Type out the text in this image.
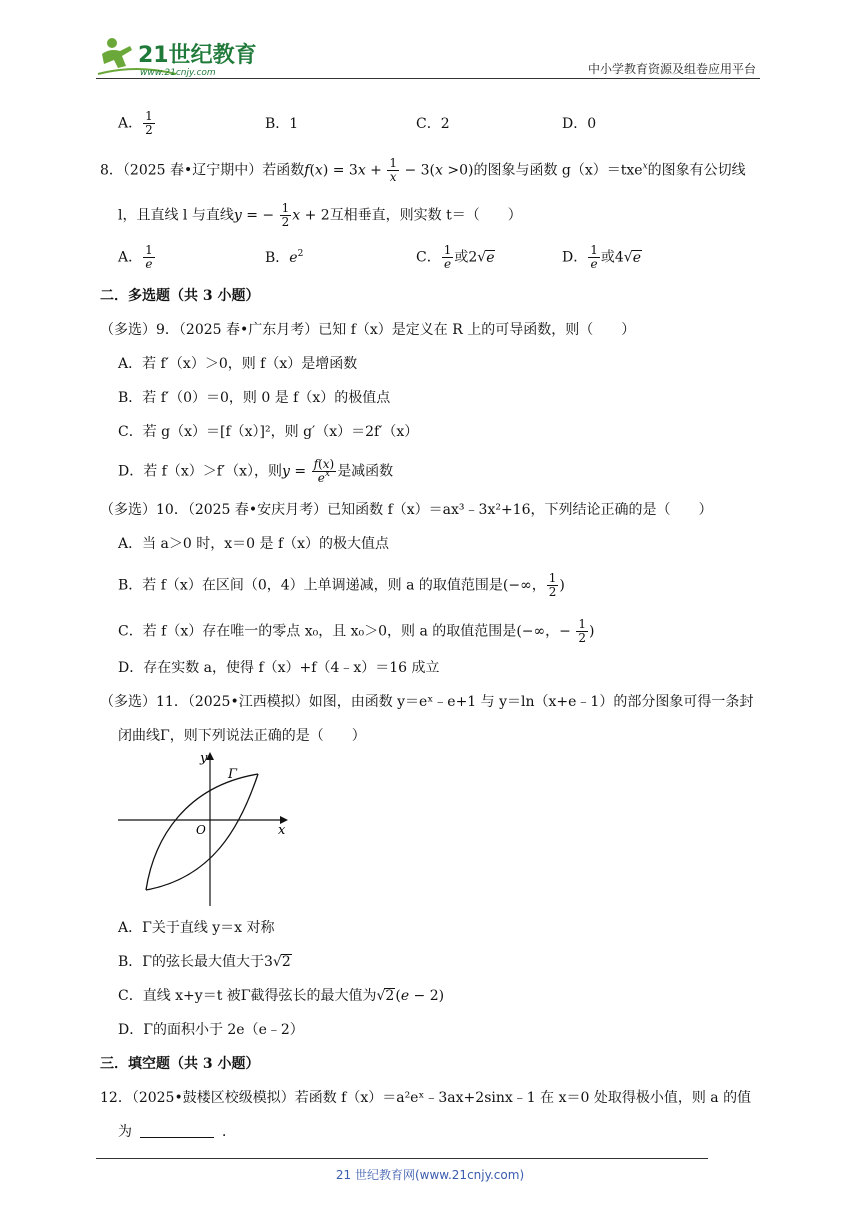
21世纪教育
www.21cnjy.com	中小学教育资源及组卷应用平台
A． $\frac{1}{2}$	B．1	C．2	D．0
8．（2025 春•辽宁期中）若函数$f(x) = 3x + \frac{1}{x} - 3(x >0)$的图象与函数 g（x）＝txe$^x$的图象有公切线
l，且直线 l 与直线y = − $\frac{1}{2}$ x + 2互相垂直，则实数 t＝（　　）
A． $\frac{1}{e}$	B．$e^2$	C． $\frac{1}{e}$ 或2√e	D． $\frac{1}{e}$ 或4√e
二．多选题（共 3 小题）
（多选）9．（2025 春•广东月考）已知 f（x）是定义在 R 上的可导函数，则（　　）
A．若 f′（x）＞0，则 f（x）是增函数
B．若 f′（0）＝0，则 0 是 f（x）的极值点
C．若 g（x）＝[f（x）]²，则 g′（x）＝2f′（x）
D．若 f（x）＞f′（x），则$y = \frac{f(x)}{e^x}$ 是减函数
（多选）10．（2025 春•安庆月考）已知函数 f（x）＝ax³﹣3x²+16，下列结论正确的是（　　）
A．当 a＞0 时，x＝0 是 f（x）的极大值点
B．若 f（x）在区间（0，4）上单调递减，则 a 的取值范围是(−∞， $\frac{1}{2}$ )
C．若 f（x）存在唯一的零点 x₀，且 x₀＞0，则 a 的取值范围是(−∞，− $\frac{1}{2}$ )
D．存在实数 a，使得 f（x）+f（4﹣x）＝16 成立
（多选）11．（2025•江西模拟）如图，由函数 y＝eˣ﹣e+1 与 y＝ln（x+e﹣1）的部分图象可得一条封
闭曲线Γ，则下列说法正确的是（　　）
y
x
O
Γ
A．Γ关于直线 y＝x 对称
B．Γ的弦长最大值大于3√2
C．直线 x+y＝t 被Γ截得弦长的最大值为√2(e − 2)
D．Γ的面积小于 2e（e﹣2）
三．填空题（共 3 小题）
12．（2025•鼓楼区校级模拟）若函数 f（x）＝a²eˣ﹣3ax+2sinx﹣1 在 x＝0 处取得极小值，则 a 的值
为	．
21 世纪教育网(www.21cnjy.com)
